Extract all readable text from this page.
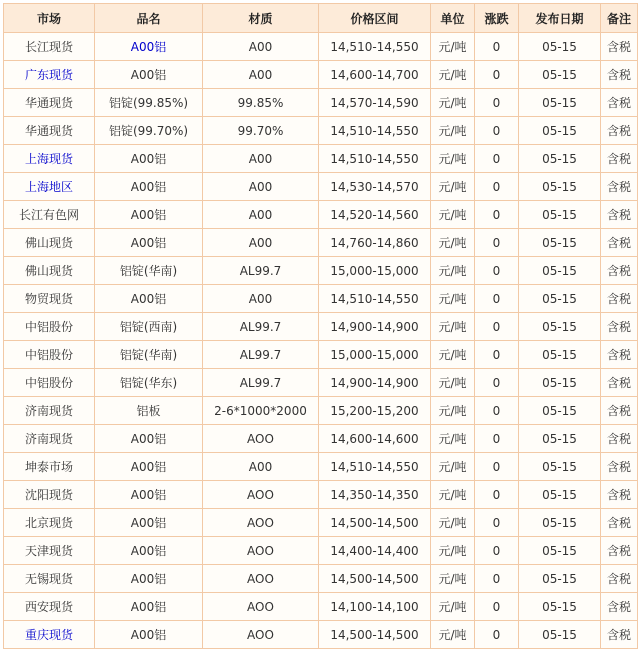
市场	品名	材质	价格区间	单位	涨跌	发布日期	备注
长江现货	A00铝	A00	14,510-14,550	元/吨	0	05-15	含税
广东现货	A00铝	A00	14,600-14,700	元/吨	0	05-15	含税
华通现货	铝锭(99.85%)	99.85%	14,570-14,590	元/吨	0	05-15	含税
华通现货	铝锭(99.70%)	99.70%	14,510-14,550	元/吨	0	05-15	含税
上海现货	A00铝	A00	14,510-14,550	元/吨	0	05-15	含税
上海地区	A00铝	A00	14,530-14,570	元/吨	0	05-15	含税
长江有色网	A00铝	A00	14,520-14,560	元/吨	0	05-15	含税
佛山现货	A00铝	A00	14,760-14,860	元/吨	0	05-15	含税
佛山现货	铝锭(华南)	AL99.7	15,000-15,000	元/吨	0	05-15	含税
物贸现货	A00铝	A00	14,510-14,550	元/吨	0	05-15	含税
中铝股份	铝锭(西南)	AL99.7	14,900-14,900	元/吨	0	05-15	含税
中铝股份	铝锭(华南)	AL99.7	15,000-15,000	元/吨	0	05-15	含税
中铝股份	铝锭(华东)	AL99.7	14,900-14,900	元/吨	0	05-15	含税
济南现货	铝板	2-6*1000*2000	15,200-15,200	元/吨	0	05-15	含税
济南现货	A00铝	AOO	14,600-14,600	元/吨	0	05-15	含税
坤泰市场	A00铝	A00	14,510-14,550	元/吨	0	05-15	含税
沈阳现货	A00铝	AOO	14,350-14,350	元/吨	0	05-15	含税
北京现货	A00铝	AOO	14,500-14,500	元/吨	0	05-15	含税
天津现货	A00铝	AOO	14,400-14,400	元/吨	0	05-15	含税
无锡现货	A00铝	AOO	14,500-14,500	元/吨	0	05-15	含税
西安现货	A00铝	AOO	14,100-14,100	元/吨	0	05-15	含税
重庆现货	A00铝	AOO	14,500-14,500	元/吨	0	05-15	含税
